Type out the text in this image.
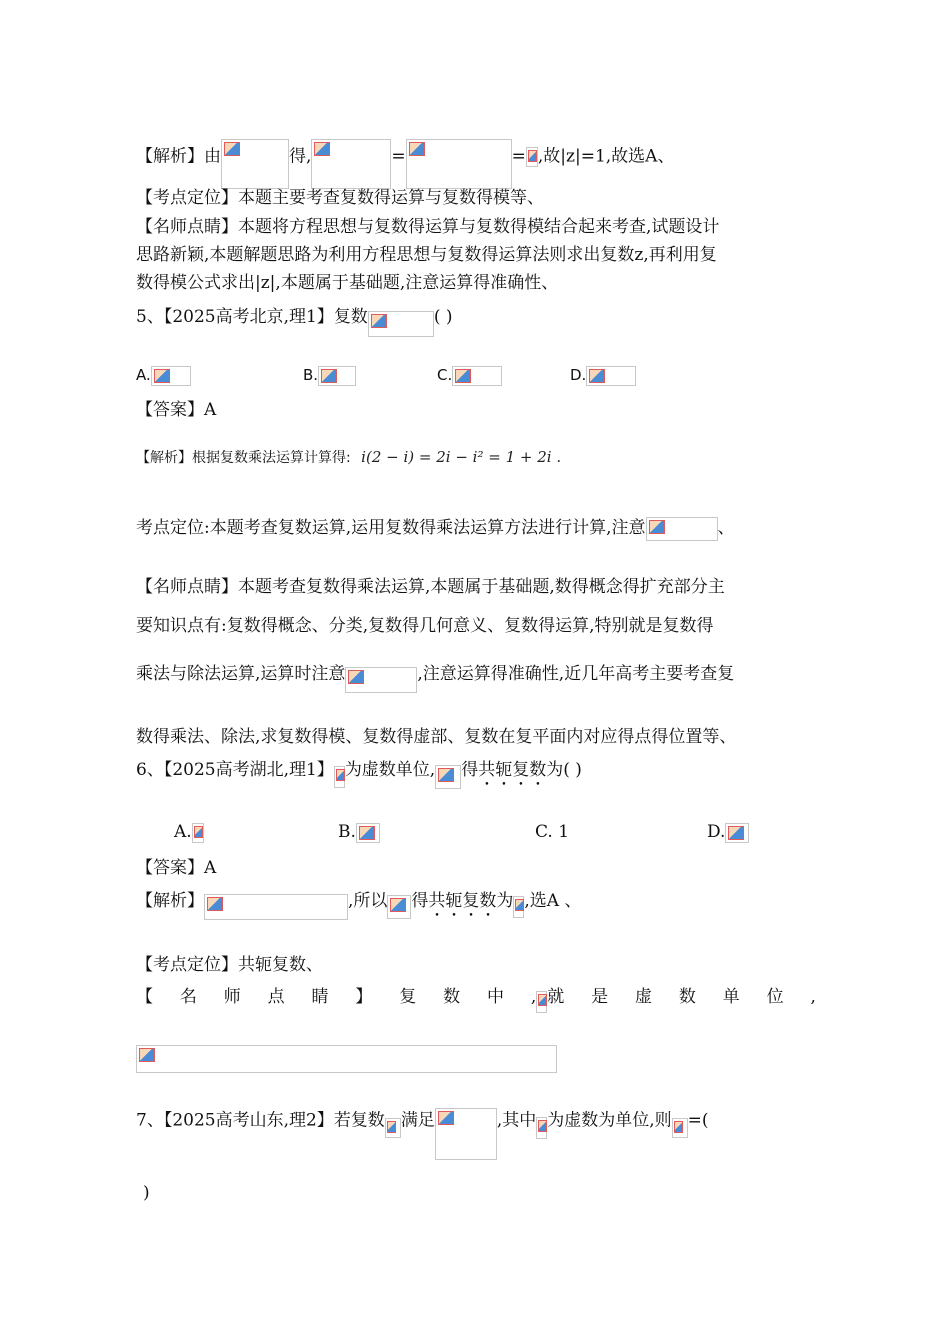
【解析】由	得,	=	= ,故|z|=1,故选A、
【考点定位】本题主要考查复数得运算与复数得模等、
【名师点睛】本题将方程思想与复数得运算与复数得模结合起来考查,试题设计
思路新颖,本题解题思路为利用方程思想与复数得运算法则求出复数z,再利用复
数得模公式求出|z|,本题属于基础题,注意运算得准确性、
5、【2025高考北京,理1】复数	( )
A.	B.	C.	D.
【答案】A
【解析】根据复数乘法运算计算得: i(2 − i) = 2i − i² = 1 + 2i .
考点定位:本题考查复数运算,运用复数得乘法运算方法进行计算,注意	、
【名师点睛】本题考查复数得乘法运算,本题属于基础题,数得概念得扩充部分主
要知识点有:复数得概念、分类,复数得几何意义、复数得运算,特别就是复数得
乘法与除法运算,运算时注意	,注意运算得准确性,近几年高考主要考查复
数得乘法、除法,求复数得模、复数得虚部、复数在复平面内对应得点得位置等、
6、【2025高考湖北,理1】 为虚数单位, 得共轭复数为( )
A.	B.	C. 1	D.
【答案】A
【解析】	,所以 得共轭复数为 ,选A 、
【考点定位】共轭复数、
【 名 师 点 睛 】 复 数 中 , 就 是 虚 数 单 位 ,
7、【2025高考山东,理2】若复数 满足	,其中 为虚数为单位,则 =(
)
